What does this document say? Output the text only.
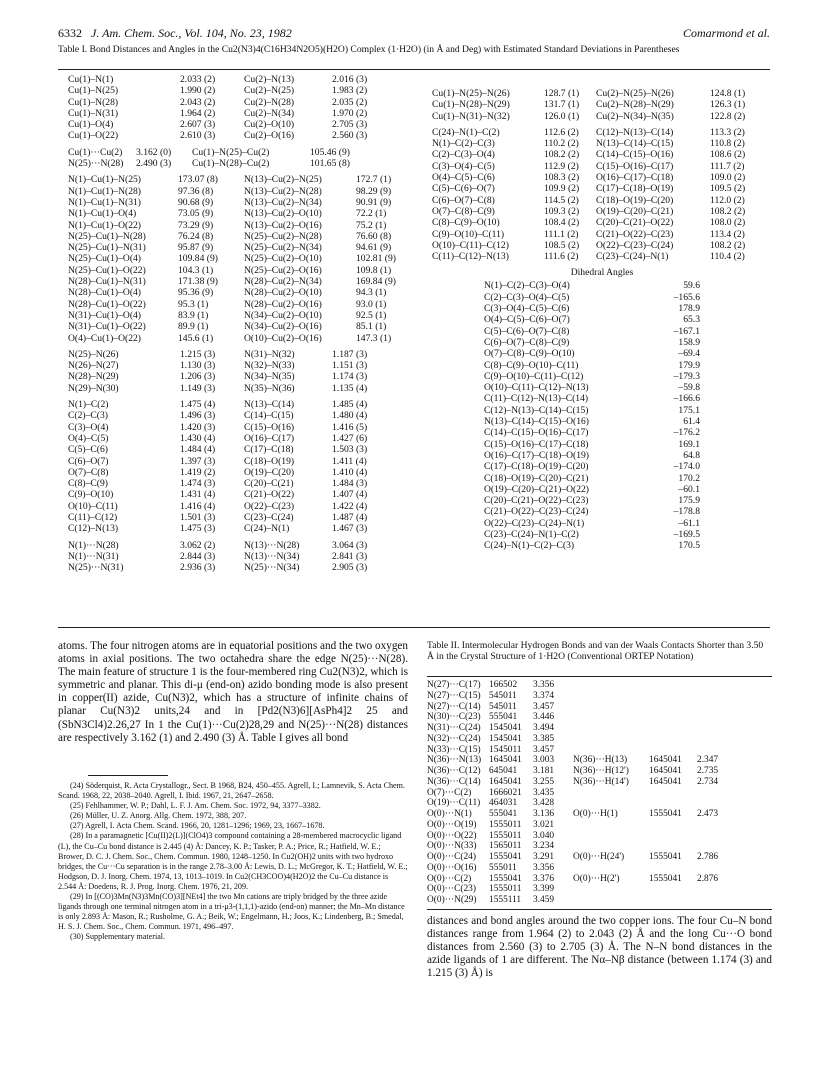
6332 J. Am. Chem. Soc., Vol. 104, No. 23, 1982	Comarmond et al.
Table I. Bond Distances and Angles in the Cu2(N3)4(C16H34N2O5)(H2O) Complex (1·H2O) (in Å and Deg) with Estimated Standard Deviations in Parentheses
Cu(1)–N(1)	2.033 (2)	Cu(2)–N(13)	2.016 (3)
Cu(1)–N(25)	1.990 (2)	Cu(2)–N(25)	1.983 (2)
Cu(1)–N(28)	2.043 (2)	Cu(2)–N(28)	2.035 (2)
Cu(1)–N(31)	1.964 (2)	Cu(2)–N(34)	1.970 (2)
Cu(1)–O(4)	2.607 (3)	Cu(2)–O(10)	2.705 (3)
Cu(1)–O(22)	2.610 (3)	Cu(2)–O(16)	2.560 (3)
Cu(1)···Cu(2)	3.162 (0)	Cu(1)–N(25)–Cu(2)	105.46 (9)
N(25)···N(28)	2.490 (3)	Cu(1)–N(28)–Cu(2)	101.65 (8)
N(1)–Cu(1)–N(25)	173.07 (8)	N(13)–Cu(2)–N(25)	172.7 (1)
N(1)–Cu(1)–N(28)	97.36 (8)	N(13)–Cu(2)–N(28)	98.29 (9)
N(1)–Cu(1)–N(31)	90.68 (9)	N(13)–Cu(2)–N(34)	90.91 (9)
N(1)–Cu(1)–O(4)	73.05 (9)	N(13)–Cu(2)–O(10)	72.2 (1)
N(1)–Cu(1)–O(22)	73.29 (9)	N(13)–Cu(2)–O(16)	75.2 (1)
N(25)–Cu(1)–N(28)	76.24 (8)	N(25)–Cu(2)–N(28)	76.60 (8)
N(25)–Cu(1)–N(31)	95.87 (9)	N(25)–Cu(2)–N(34)	94.61 (9)
N(25)–Cu(1)–O(4)	109.84 (9)	N(25)–Cu(2)–O(10)	102.81 (9)
N(25)–Cu(1)–O(22)	104.3 (1)	N(25)–Cu(2)–O(16)	109.8 (1)
N(28)–Cu(1)–N(31)	171.38 (9)	N(28)–Cu(2)–N(34)	169.84 (9)
N(28)–Cu(1)–O(4)	95.36 (9)	N(28)–Cu(2)–O(10)	94.3 (1)
N(28)–Cu(1)–O(22)	95.3 (1)	N(28)–Cu(2)–O(16)	93.0 (1)
N(31)–Cu(1)–O(4)	83.9 (1)	N(34)–Cu(2)–O(10)	92.5 (1)
N(31)–Cu(1)–O(22)	89.9 (1)	N(34)–Cu(2)–O(16)	85.1 (1)
O(4)–Cu(1)–O(22)	145.6 (1)	O(10)–Cu(2)–O(16)	147.3 (1)
N(25)–N(26)	1.215 (3)	N(31)–N(32)	1.187 (3)
N(26)–N(27)	1.130 (3)	N(32)–N(33)	1.151 (3)
N(28)–N(29)	1.206 (3)	N(34)–N(35)	1.174 (3)
N(29)–N(30)	1.149 (3)	N(35)–N(36)	1.135 (4)
N(1)–C(2)	1.475 (4)	N(13)–C(14)	1.485 (4)
C(2)–C(3)	1.496 (3)	C(14)–C(15)	1.480 (4)
C(3)–O(4)	1.420 (3)	C(15)–O(16)	1.416 (5)
O(4)–C(5)	1.430 (4)	O(16)–C(17)	1.427 (6)
C(5)–C(6)	1.484 (4)	C(17)–C(18)	1.503 (3)
C(6)–O(7)	1.397 (3)	C(18)–O(19)	1.411 (4)
O(7)–C(8)	1.419 (2)	O(19)–C(20)	1.410 (4)
C(8)–C(9)	1.474 (3)	C(20)–C(21)	1.484 (3)
C(9)–O(10)	1.431 (4)	C(21)–O(22)	1.407 (4)
O(10)–C(11)	1.416 (4)	O(22)–C(23)	1.422 (4)
C(11)–C(12)	1.501 (3)	C(23)–C(24)	1.487 (4)
C(12)–N(13)	1.475 (3)	C(24)–N(1)	1.467 (3)
N(1)···N(28)	3.062 (2)	N(13)···N(28)	3.064 (3)
N(1)···N(31)	2.844 (3)	N(13)···N(34)	2.841 (3)
N(25)···N(31)	2.936 (3)	N(25)···N(34)	2.905 (3)
Cu(1)–N(25)–N(26)	128.7 (1)	Cu(2)–N(25)–N(26)	124.8 (1)
Cu(1)–N(28)–N(29)	131.7 (1)	Cu(2)–N(28)–N(29)	126.3 (1)
Cu(1)–N(31)–N(32)	126.0 (1)	Cu(2)–N(34)–N(35)	122.8 (2)
C(24)–N(1)–C(2)	112.6 (2)	C(12)–N(13)–C(14)	113.3 (2)
N(1)–C(2)–C(3)	110.2 (2)	N(13)–C(14)–C(15)	110.8 (2)
C(2)–C(3)–O(4)	108.2 (2)	C(14)–C(15)–O(16)	108.6 (2)
C(3)–O(4)–C(5)	112.9 (2)	C(15)–O(16)–C(17)	111.7 (2)
O(4)–C(5)–C(6)	108.3 (2)	O(16)–C(17)–C(18)	109.0 (2)
C(5)–C(6)–O(7)	109.9 (2)	C(17)–C(18)–O(19)	109.5 (2)
C(6)–O(7)–C(8)	114.5 (2)	C(18)–O(19)–C(20)	112.0 (2)
O(7)–C(8)–C(9)	109.3 (2)	O(19)–C(20)–C(21)	108.2 (2)
C(8)–C(9)–O(10)	108.4 (2)	C(20)–C(21)–O(22)	108.0 (2)
C(9)–O(10)–C(11)	111.1 (2)	C(21)–O(22)–C(23)	113.4 (2)
O(10)–C(11)–C(12)	108.5 (2)	O(22)–C(23)–C(24)	108.2 (2)
C(11)–C(12)–N(13)	111.6 (2)	C(23)–C(24)–N(1)	110.4 (2)
Dihedral Angles
N(1)–C(2)–C(3)–O(4)	59.6
C(2)–C(3)–O(4)–C(5)	–165.6
C(3)–O(4)–C(5)–C(6)	178.9
O(4)–C(5)–C(6)–O(7)	65.3
C(5)–C(6)–O(7)–C(8)	–167.1
C(6)–O(7)–C(8)–C(9)	158.9
O(7)–C(8)–C(9)–O(10)	–69.4
C(8)–C(9)–O(10)–C(11)	179.9
C(9)–O(10)–C(11)–C(12)	–179.3
O(10)–C(11)–C(12)–N(13)	–59.8
C(11)–C(12)–N(13)–C(14)	–166.6
C(12)–N(13)–C(14)–C(15)	175.1
N(13)–C(14)–C(15)–O(16)	61.4
C(14)–C(15)–O(16)–C(17)	–176.2
C(15)–O(16)–C(17)–C(18)	169.1
O(16)–C(17)–C(18)–O(19)	64.8
C(17)–C(18)–O(19)–C(20)	–174.0
C(18)–O(19)–C(20)–C(21)	170.2
O(19)–C(20)–C(21)–O(22)	–60.1
C(20)–C(21)–O(22)–C(23)	175.9
C(21)–O(22)–C(23)–C(24)	–178.8
O(22)–C(23)–C(24)–N(1)	–61.1
C(23)–C(24)–N(1)–C(2)	–169.5
C(24)–N(1)–C(2)–C(3)	170.5
atoms. The four nitrogen atoms are in equatorial positions and the two oxygen atoms in axial positions. The two octahedra share the edge N(25)···N(28). The main feature of structure 1 is the four-membered ring Cu2(N3)2, which is symmetric and planar. This di-μ (end-on) azido bonding mode is also present in copper(II) azide, Cu(N3)2, which has a structure of infinite chains of planar Cu(N3)2 units,24 and in [Pd2(N3)6][AsPh4]2 25 and (SbN3Cl4)2.26,27 In 1 the Cu(1)···Cu(2)28,29 and N(25)···N(28) distances are respectively 3.162 (1) and 2.490 (3) Å. Table I gives all bond

(24) Söderquist, R. Acta Crystallogr., Sect. B 1968, B24, 450–455. Agrell, I.; Lamnevik, S. Acta Chem. Scand. 1968, 22, 2038–2040. Agrell, I. Ibid. 1967, 21, 2647–2658.

(25) Fehlhammer, W. P.; Dahl, L. F. J. Am. Chem. Soc. 1972, 94, 3377–3382.

(26) Müller, U. Z. Anorg. Allg. Chem. 1972, 388, 207.

(27) Agrell, I. Acta Chem. Scand. 1966, 20, 1281–1296; 1969, 23, 1667–1678.

(28) In a paramagnetic [Cu(II)2(L)](ClO4)3 compound containing a 28-membered macrocyclic ligand (L), the Cu–Cu bond distance is 2.445 (4) Å: Dancey, K. P.; Tasker, P. A.; Price, R.; Hatfield, W. E.; Brower, D. C. J. Chem. Soc., Chem. Commun. 1980, 1248–1250. In Cu2(OH)2 units with two hydroxo bridges, the Cu···Cu separation is in the range 2.78–3.00 Å: Lewis, D. L.; McGregor, K. T.; Hatfield, W. E.; Hodgson, D. J. Inorg. Chem. 1974, 13, 1013–1019. In Cu2(CH3COO)4(H2O)2 the Cu–Cu distance is 2.544 Å: Doedens, R. J. Prog. Inorg. Chem. 1976, 21, 209.

(29) In [(CO)3Mn(N3)3Mn(CO)3][NEt4] the two Mn cations are triply bridged by the three azide ligands through one terminal nitrogen atom in a tri-μ3-(1,1,1)-azido (end-on) manner; the Mn–Mn distance is only 2.893 Å: Mason, R.; Rusholme, G. A.; Beik, W.; Engelmann, H.; Joos, K.; Lindenberg, B.; Smedal, H. S. J. Chem. Soc., Chem. Commun. 1971, 496–497.

(30) Supplementary material.

Table II. Intermolecular Hydrogen Bonds and van der Waals Contacts Shorter than 3.50 Å in the Crystal Structure of 1·H2O (Conventional ORTEP Notation)
N(27)···C(17)	166502	3.356			
N(27)···C(15)	545011	3.374			
N(27)···C(14)	545011	3.457			
N(30)···C(23)	555041	3.446			
N(31)···C(24)	1545041	3.494			
N(32)···C(24)	1545041	3.385			
N(33)···C(15)	1545011	3.457			
N(36)···N(13)	1645041	3.003	N(36)···H(13)	1645041	2.347
N(36)···C(12)	645041	3.181	N(36)···H(12')	1645041	2.735
N(36)···C(14)	1645041	3.255	N(36)···H(14')	1645041	2.734
O(7)···C(2)	1666021	3.435			
O(19)···C(11)	464031	3.428			
O(0)···N(1)	555041	3.136	O(0)···H(1)	1555041	2.473
O(0)···O(19)	1555011	3.021			
O(0)···O(22)	1555011	3.040			
O(0)···N(33)	1565011	3.234			
O(0)···C(24)	1555041	3.291	O(0)···H(24')	1555041	2.786
O(0)···O(16)	555011	3.356			
O(0)···C(2)	1555041	3.376	O(0)···H(2')	1555041	2.876
O(0)···C(23)	1555011	3.399			
O(0)···N(29)	1555111	3.459			
distances and bond angles around the two copper ions. The four Cu–N bond distances range from 1.964 (2) to 2.043 (2) Å and the long Cu···O bond distances from 2.560 (3) to 2.705 (3) Å. The N–N bond distances in the azide ligands of 1 are different. The Nα–Nβ distance (between 1.174 (3) and 1.215 (3) Å) is
